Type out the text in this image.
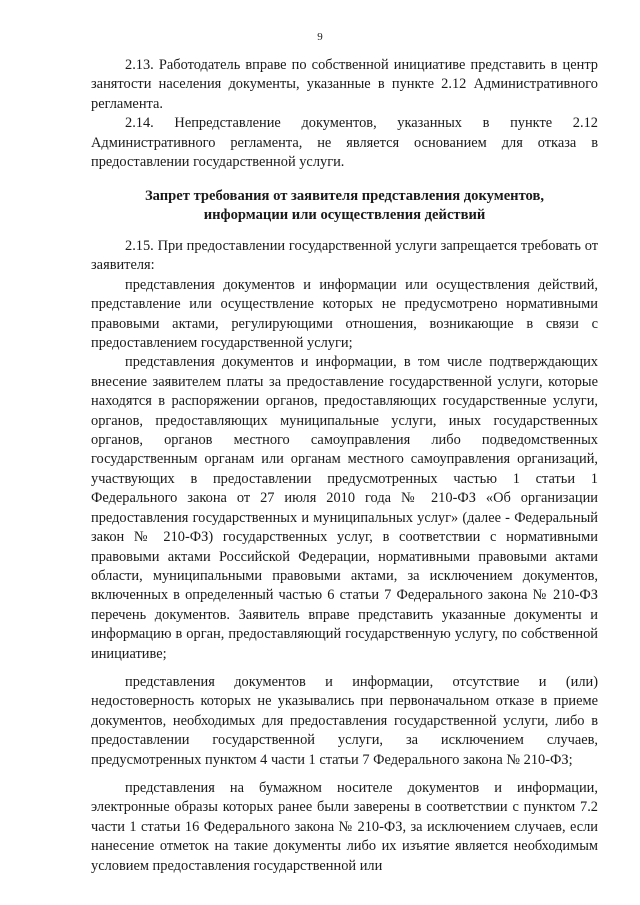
9

2.13. Работодатель вправе по собственной инициативе представить в центр занятости населения документы, указанные в пункте 2.12 Административного регламента.

2.14. Непредставление документов, указанных в пункте 2.12 Административного регламента, не является основанием для отказа в предоставлении государственной услуги.

Запрет требования от заявителя представления документов,
информации или осуществления действий

2.15. При предоставлении государственной услуги запрещается требовать от заявителя:

представления документов и информации или осуществления действий, представление или осуществление которых не предусмотрено нормативными правовыми актами, регулирующими отношения, возникающие в связи с предоставлением государственной услуги;

представления документов и информации, в том числе подтверждающих внесение заявителем платы за предоставление государственной услуги, которые находятся в распоряжении органов, предоставляющих государственные услуги, органов, предоставляющих муниципальные услуги, иных государственных органов, органов местного самоуправления либо подведомственных государственным органам или органам местного самоуправления организаций, участвующих в предоставлении предусмотренных частью 1 статьи 1 Федерального закона от 27 июля 2010 года № 210-ФЗ «Об организации предоставления государственных и муниципальных услуг» (далее - Федеральный закон № 210-ФЗ) государственных услуг, в соответствии с нормативными правовыми актами Российской Федерации, нормативными правовыми актами области, муниципальными правовыми актами, за исключением документов, включенных в определенный частью 6 статьи 7 Федерального закона № 210-ФЗ перечень документов. Заявитель вправе представить указанные документы и информацию в орган, предоставляющий государственную услугу, по собственной инициативе;

представления документов и информации, отсутствие и (или) недостоверность которых не указывались при первоначальном отказе в приеме документов, необходимых для предоставления государственной услуги, либо в предоставлении государственной услуги, за исключением случаев, предусмотренных пунктом 4 части 1 статьи 7 Федерального закона № 210-ФЗ;

представления на бумажном носителе документов и информации, электронные образы которых ранее были заверены в соответствии с пунктом 7.2 части 1 статьи 16 Федерального закона № 210-ФЗ, за исключением случаев, если нанесение отметок на такие документы либо их изъятие является необходимым условием предоставления государственной или
